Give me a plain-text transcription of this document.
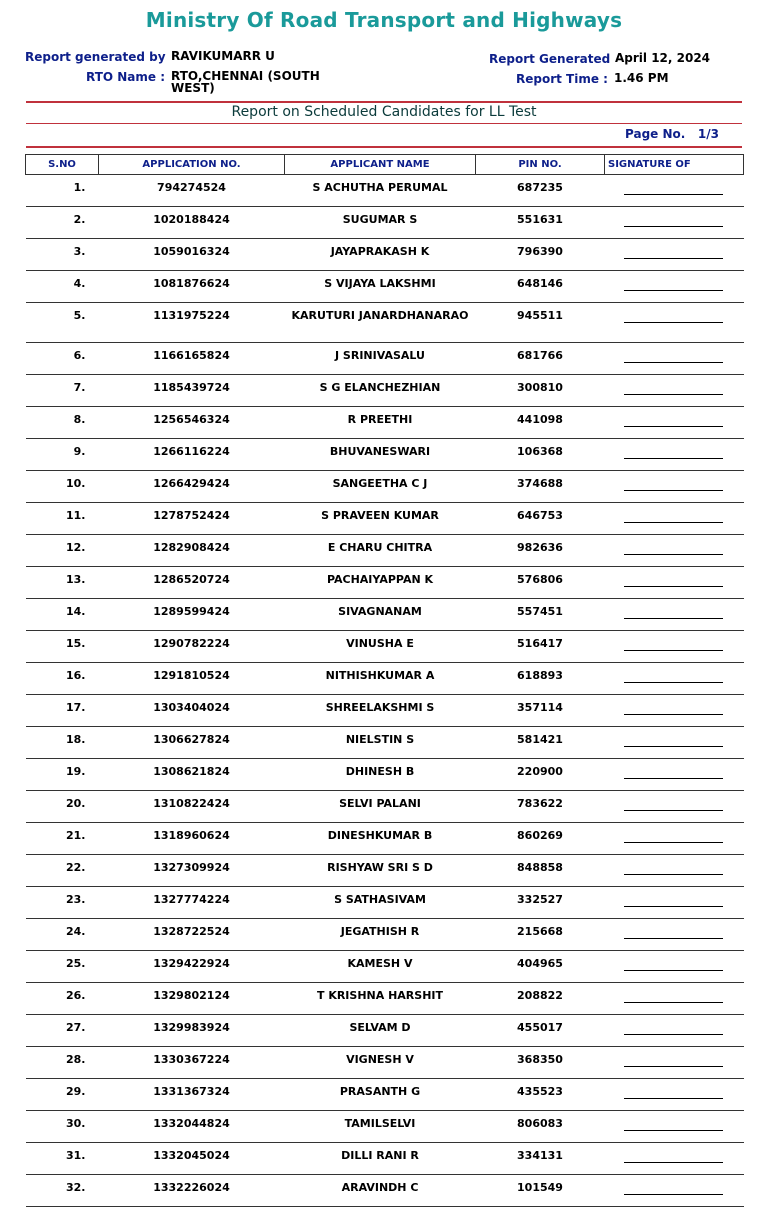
Ministry Of Road Transport and Highways
Report generated by RAVIKUMARR U
RTO Name : RTO,CHENNAI (SOUTH
WEST)
Report Generated April 12, 2024
Report Time : 1.46 PM
Report on Scheduled Candidates for LL Test
Page No. 1/3
S.NO	APPLICATION NO.	APPLICANT NAME	PIN NO.	SIGNATURE OF
1.	794274524	S ACHUTHA PERUMAL	687235	

2.	1020188424	SUGUMAR S	551631	

3.	1059016324	JAYAPRAKASH K	796390	

4.	1081876624	S VIJAYA LAKSHMI	648146	

5.	1131975224	KARUTURI JANARDHANARAO	945511	

6.	1166165824	J SRINIVASALU	681766	

7.	1185439724	S G ELANCHEZHIAN	300810	

8.	1256546324	R PREETHI	441098	

9.	1266116224	BHUVANESWARI	106368	

10.	1266429424	SANGEETHA C J	374688	

11.	1278752424	S PRAVEEN KUMAR	646753	

12.	1282908424	E CHARU CHITRA	982636	

13.	1286520724	PACHAIYAPPAN K	576806	

14.	1289599424	SIVAGNANAM	557451	

15.	1290782224	VINUSHA E	516417	

16.	1291810524	NITHISHKUMAR A	618893	

17.	1303404024	SHREELAKSHMI S	357114	

18.	1306627824	NIELSTIN S	581421	

19.	1308621824	DHINESH B	220900	

20.	1310822424	SELVI PALANI	783622	

21.	1318960624	DINESHKUMAR B	860269	

22.	1327309924	RISHYAW SRI S D	848858	

23.	1327774224	S SATHASIVAM	332527	

24.	1328722524	JEGATHISH R	215668	

25.	1329422924	KAMESH V	404965	

26.	1329802124	T KRISHNA HARSHIT	208822	

27.	1329983924	SELVAM D	455017	

28.	1330367224	VIGNESH V	368350	

29.	1331367324	PRASANTH G	435523	

30.	1332044824	TAMILSELVI	806083	

31.	1332045024	DILLI RANI R	334131	

32.	1332226024	ARAVINDH C	101549	
